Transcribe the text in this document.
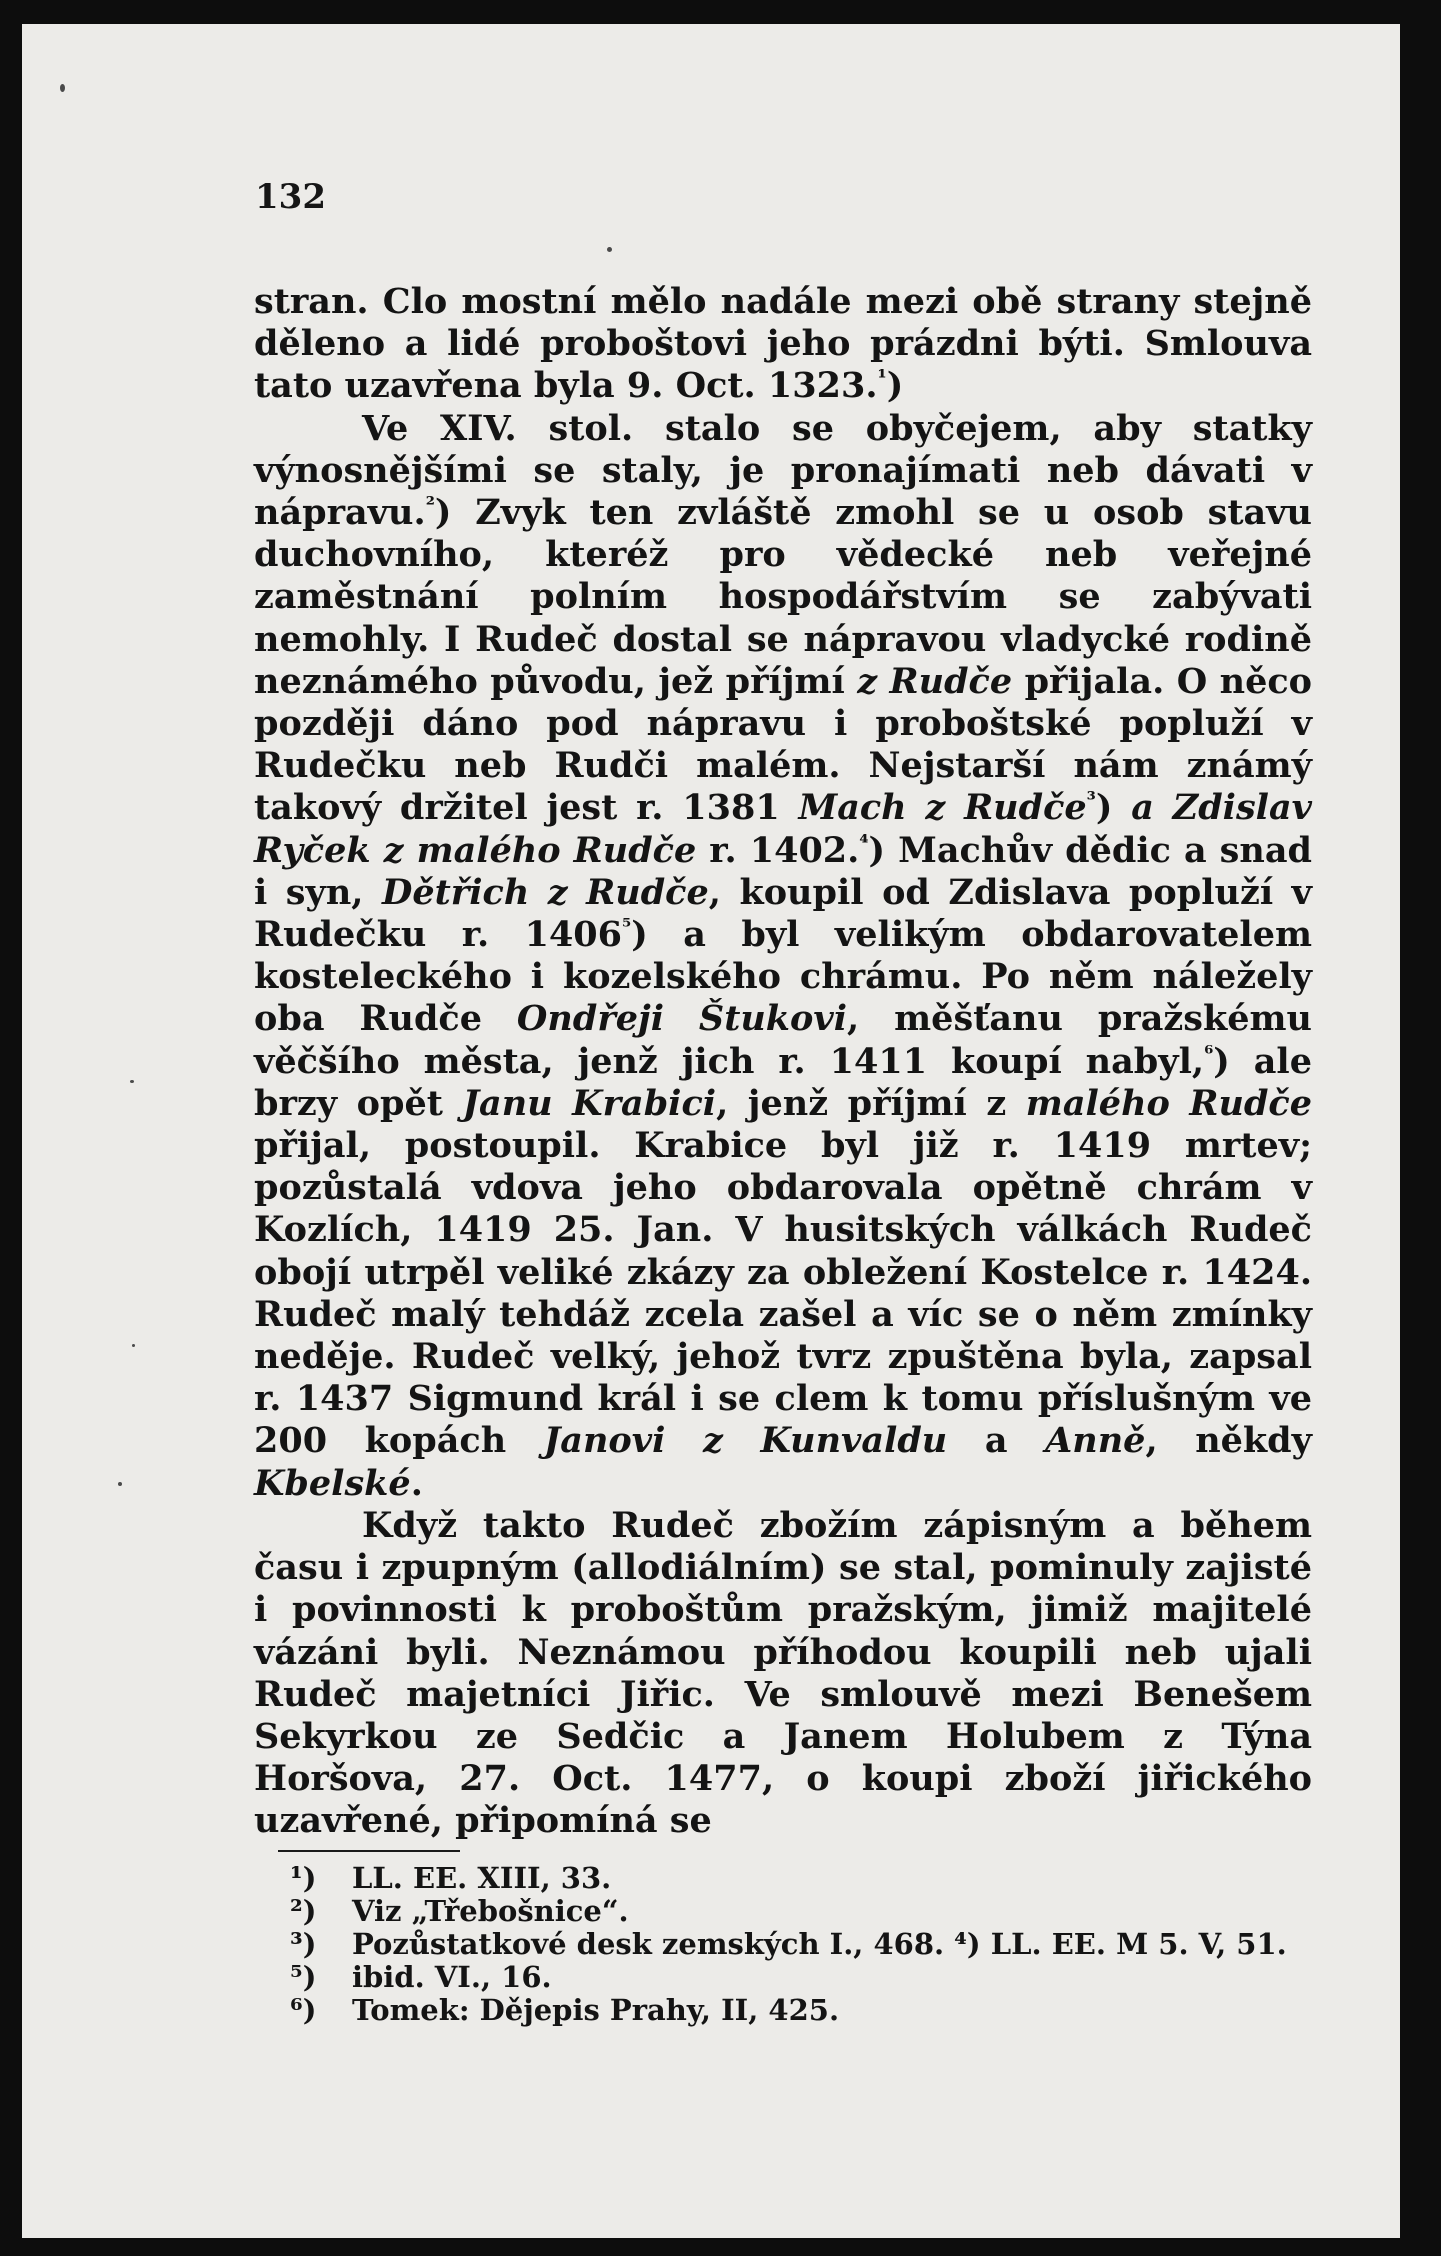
132

stran. Clo mostní mělo nadále mezi obě strany stejně děleno a lidé proboštovi jeho prázdni býti. Smlouva tato uzavřena byla 9. Oct. 1323.$^{^1}$)

Ve XIV. stol. stalo se obyčejem, aby statky výnosnějšími se staly, je pronajímati neb dávati v nápravu.$^{^2}$) Zvyk ten zvláště zmohl se u osob stavu duchovního, kteréž pro vědecké neb veřejné zaměstnání polním hospodářstvím se zabývati nemohly. I Rudeč dostal se nápravou vladycké rodině neznámého původu, jež příjmí z Rudče přijala. O něco později dáno pod nápravu i proboštské popluží v Rudečku neb Rudči malém. Nejstarší nám známý takový držitel jest r. 1381 Mach z Rudče$^{^3}$) a Zdislav Ryček z malého Rudče r. 1402.$^{^4}$) Machův dědic a snad i syn, Dětřich z Rudče, koupil od Zdislava popluží v Rudečku r. $1406^{^5}$) a byl velikým obdarovatelem kosteleckého i kozelského chrámu. Po něm náležely oba Rudče Ondřeji Štukovi, měšťanu pražskému věčšího města, jenž jich r. 1411 koupí nabyl,$^{^6}$) ale brzy opět Janu Krabici, jenž příjmí z malého Rudče přijal, postoupil. Krabice byl již r. 1419 mrtev; pozůstalá vdova jeho obdarovala opětně chrám v Kozlích, 1419 25. Jan. V husitských válkách Rudeč obojí utrpěl veliké zkázy za obležení Kostelce r. 1424. Rudeč malý tehdáž zcela zašel a víc se o něm zmínky neděje. Rudeč velký, jehož tvrz zpuštěna byla, zapsal r. 1437 Sigmund král i se clem k tomu příslušným ve 200 kopách Janovi z Kunvaldu a Anně, někdy Kbelské.

Když takto Rudeč zbožím zápisným a během času i zpupným (allodiálním) se stal, pominuly zajisté i povinnosti k proboštům pražským, jimiž majitelé vázáni byli. Neznámou příhodou koupili neb ujali Rudeč majetníci Jiřic. Ve smlouvě mezi Benešem Sekyrkou ze Sedčic a Janem Holubem z Týna Horšova, 27. Oct. 1477, o koupi zboží jiřického uzavřené, připomíná se

¹) LL. EE. XIII, 33.

²) Viz „Třebošnice“.

³) Pozůstatkové desk zemských I., 468. ⁴) LL. EE. M 5. V, 51.

⁵) ibid. VI., 16.

⁶) Tomek: Dějepis Prahy, II, 425.
